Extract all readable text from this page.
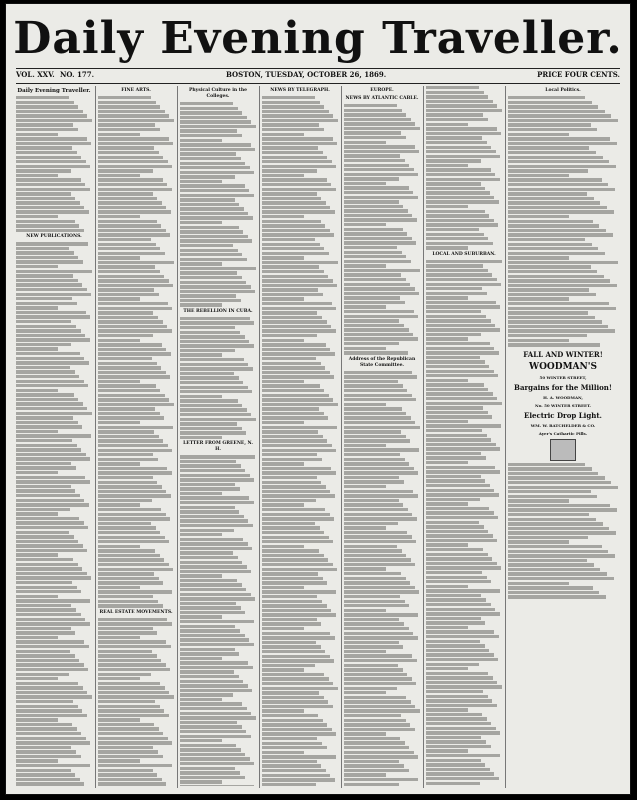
Daily Evening Traveller.
VOL. XXV. NO. 177.	BOSTON, TUESDAY, OCTOBER 26, 1869.	PRICE FOUR CENTS.
Daily Evening Traveller.
NEW PUBLICATIONS.
FINE ARTS.
REAL ESTATE MOVEMENTS.
Physical Culture in the Colleges.
THE REBELLION IN CUBA.
LETTER FROM GREENE, N. H.
NEWS BY TELEGRAPH.	EUROPE.
NEWS BY ATLANTIC CABLE.
Address of the Republican State Committee.
LOCAL AND SUBURBAN.
Local Politics.
FALL AND WINTER!
WOODMAN'S
50 WINTER STREET,
Bargains for the Million!
H. A. WOODMAN,
No. 50 WINTER STREET.
Electric Drop Light.
WM. W. BATCHELDER & CO.
Ayer's Cathartic Pills.
